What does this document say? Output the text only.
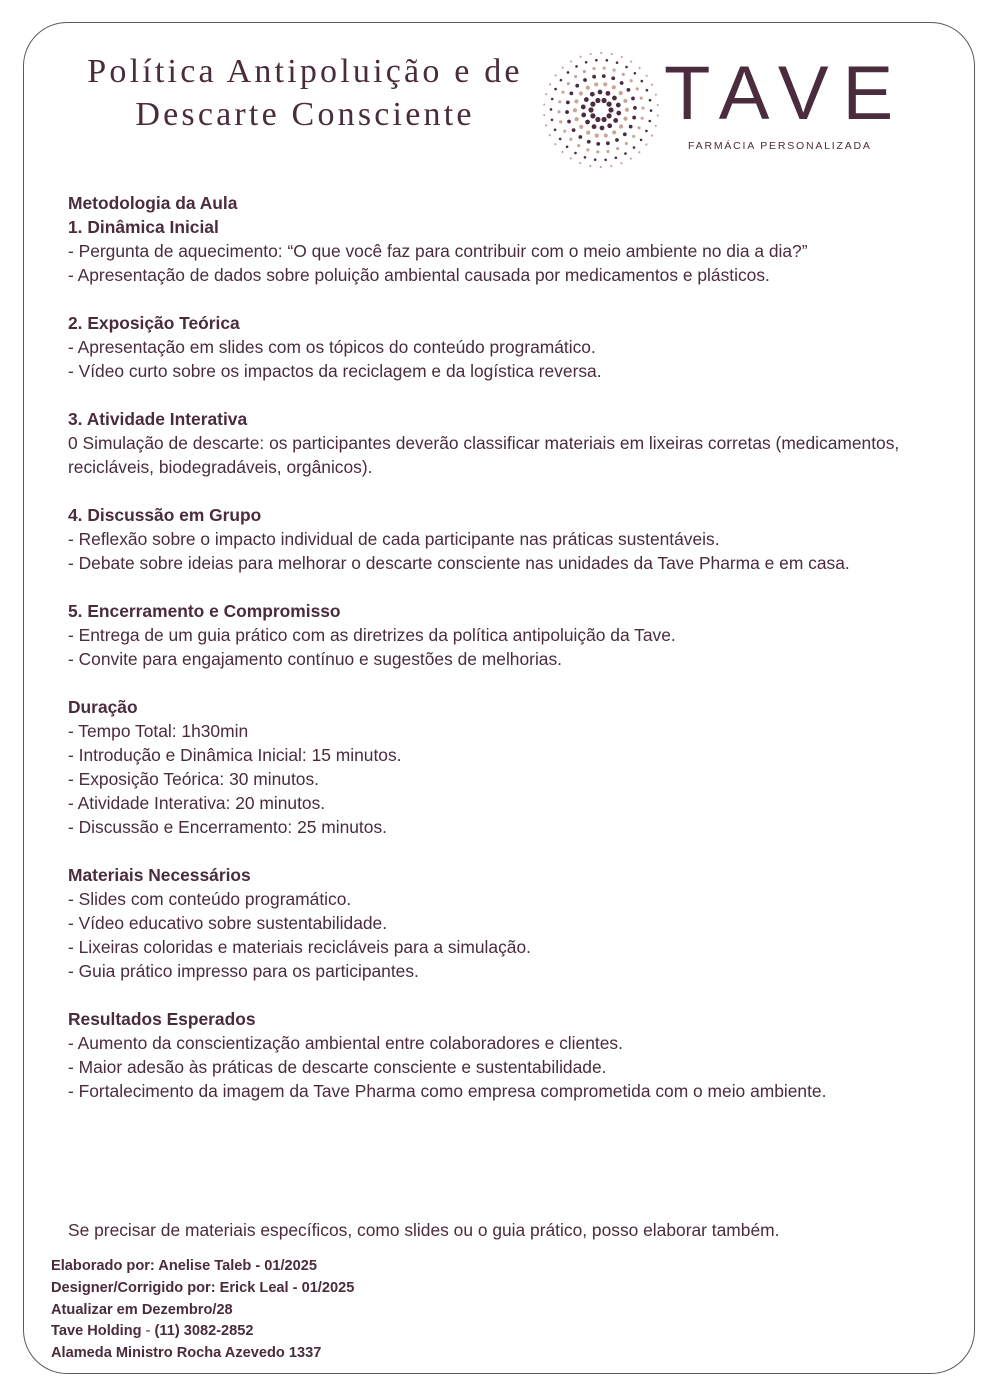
Política Antipoluição e de
Descarte Consciente	TAVE
FARMÁCIA PERSONALIZADA
Metodologia da Aula
1. Dinâmica Inicial
- Pergunta de aquecimento: “O que você faz para contribuir com o meio ambiente no dia a dia?”
- Apresentação de dados sobre poluição ambiental causada por medicamentos e plásticos.
2. Exposição Teórica
- Apresentação em slides com os tópicos do conteúdo programático.
- Vídeo curto sobre os impactos da reciclagem e da logística reversa.
3. Atividade Interativa
0 Simulação de descarte: os participantes deverão classificar materiais em lixeiras corretas (medicamentos, recicláveis, biodegradáveis, orgânicos).
4. Discussão em Grupo
- Reflexão sobre o impacto individual de cada participante nas práticas sustentáveis.
- Debate sobre ideias para melhorar o descarte consciente nas unidades da Tave Pharma e em casa.
5. Encerramento e Compromisso
- Entrega de um guia prático com as diretrizes da política antipoluição da Tave.
- Convite para engajamento contínuo e sugestões de melhorias.
Duração
- Tempo Total: 1h30min
- Introdução e Dinâmica Inicial: 15 minutos.
- Exposição Teórica: 30 minutos.
- Atividade Interativa: 20 minutos.
- Discussão e Encerramento: 25 minutos.
Materiais Necessários
- Slides com conteúdo programático.
- Vídeo educativo sobre sustentabilidade.
- Lixeiras coloridas e materiais recicláveis para a simulação.
- Guia prático impresso para os participantes.
Resultados Esperados
- Aumento da conscientização ambiental entre colaboradores e clientes.
- Maior adesão às práticas de descarte consciente e sustentabilidade.
- Fortalecimento da imagem da Tave Pharma como empresa comprometida com o meio ambiente.
Se precisar de materiais específicos, como slides ou o guia prático, posso elaborar também.
Elaborado por: Anelise Taleb - 01/2025
Designer/Corrigido por: Erick Leal - 01/2025
Atualizar em Dezembro/28
Tave Holding - (11) 3082-2852
Alameda Ministro Rocha Azevedo 1337
